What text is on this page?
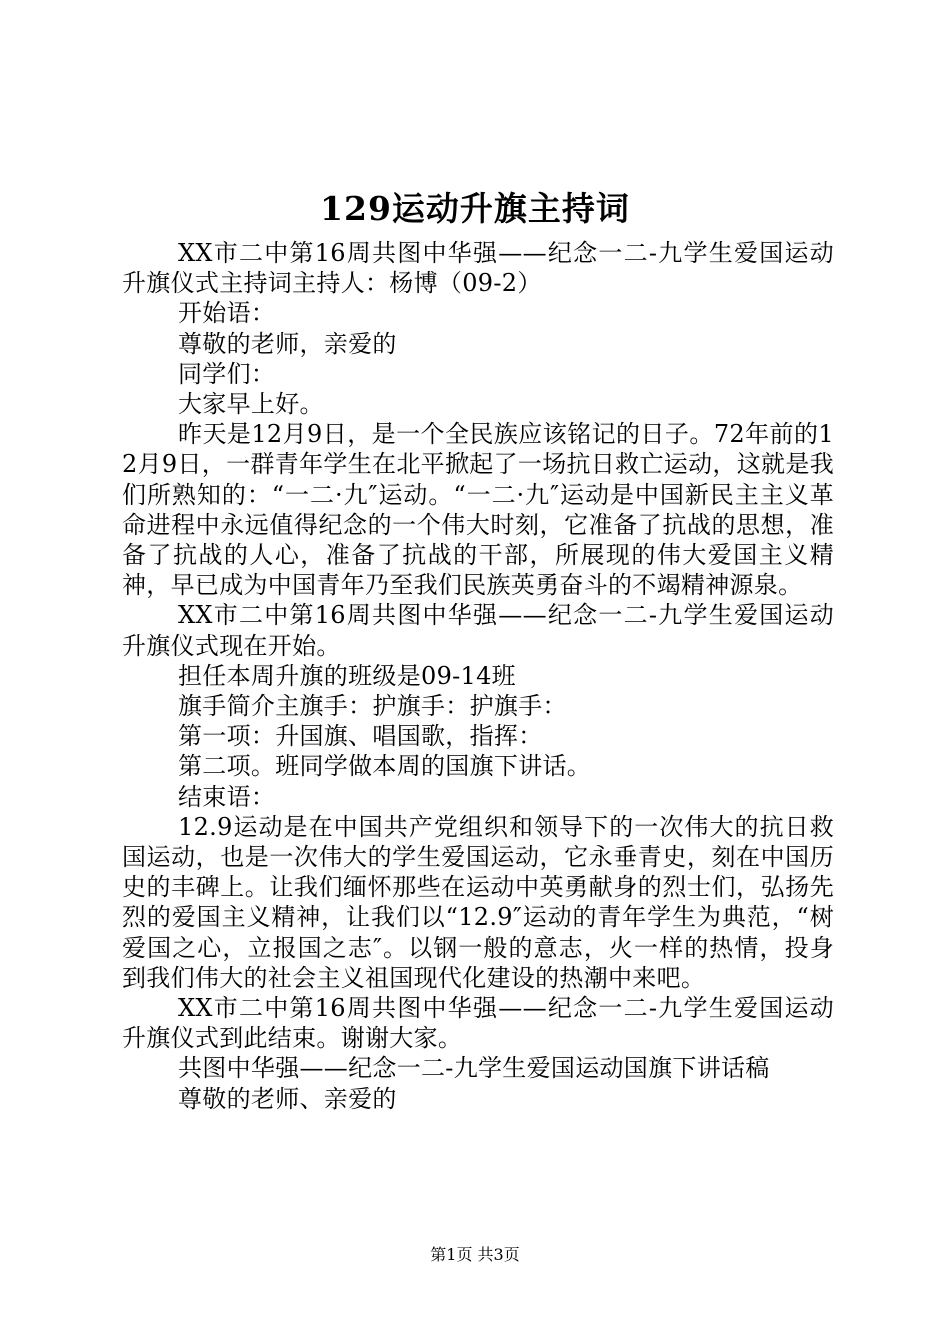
129运动升旗主持词

XX市二中第16周共图中华强——纪念一二-九学生爱国运动升旗仪式主持词主持人：杨博（09-2）

开始语：

尊敬的老师，亲爱的

同学们：

大家早上好。

昨天是12月9日，是一个全民族应该铭记的日子。72年前的12月9日，一群青年学生在北平掀起了一场抗日救亡运动，这就是我们所熟知的：“一二·九″运动。“一二·九″运动是中国新民主主义革命进程中永远值得纪念的一个伟大时刻，它准备了抗战的思想，准备了抗战的人心，准备了抗战的干部，所展现的伟大爱国主义精神，早已成为中国青年乃至我们民族英勇奋斗的不竭精神源泉。

XX市二中第16周共图中华强——纪念一二-九学生爱国运动升旗仪式现在开始。

担任本周升旗的班级是09-14班

旗手简介主旗手：护旗手：护旗手：

第一项：升国旗、唱国歌，指挥：

第二项。班同学做本周的国旗下讲话。

结束语：

12.9运动是在中国共产党组织和领导下的一次伟大的抗日救国运动，也是一次伟大的学生爱国运动，它永垂青史，刻在中国历史的丰碑上。让我们缅怀那些在运动中英勇献身的烈士们，弘扬先烈的爱国主义精神，让我们以“12.9″运动的青年学生为典范，“树爱国之心，立报国之志″。以钢一般的意志，火一样的热情，投身到我们伟大的社会主义祖国现代化建设的热潮中来吧。

XX市二中第16周共图中华强——纪念一二-九学生爱国运动升旗仪式到此结束。谢谢大家。

共图中华强——纪念一二-九学生爱国运动国旗下讲话稿

尊敬的老师、亲爱的

第1页 共3页
